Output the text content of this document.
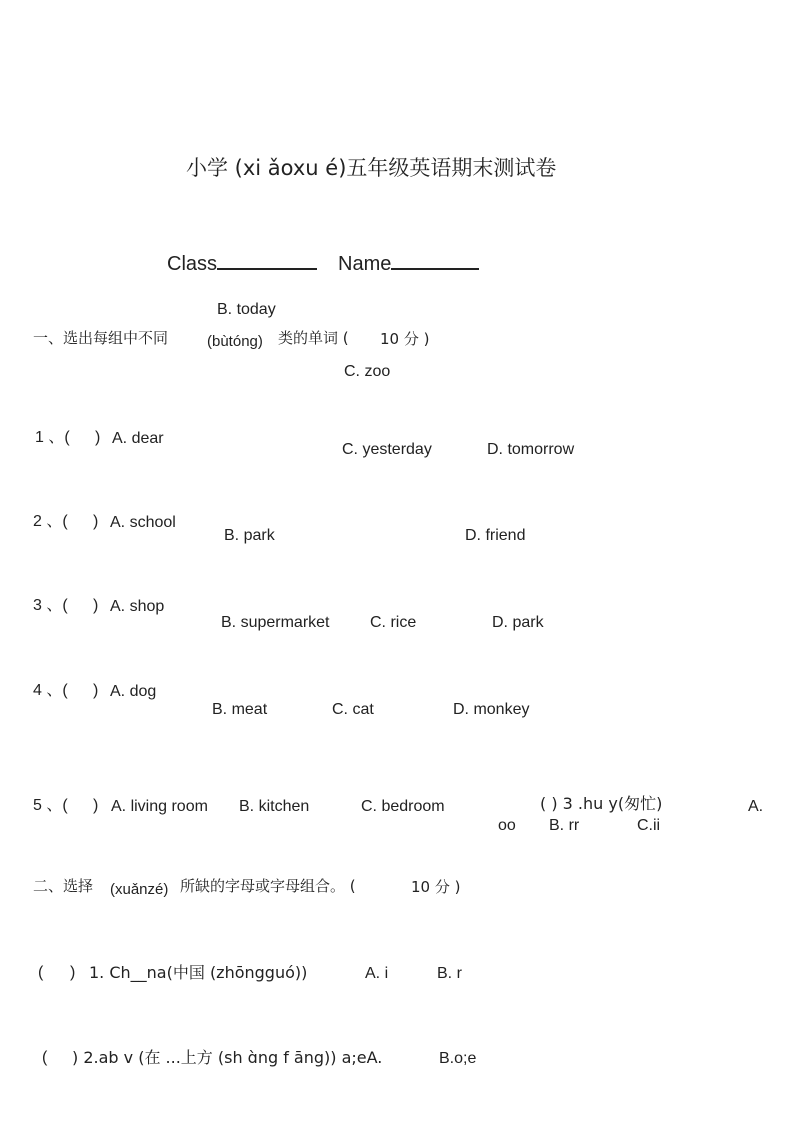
小学 (xi ǎoxu é)五年级英语期末测试卷
Class	Name
B. today
一、选出每组中不同	(bùtóng) 类的单词 ( 10 分 )
C. zoo
1 、( ) A. dear
C. yesterday	D. tomorrow
2 、( ) A. school
B. park	D. friend
3 、( ) A. shop
B. supermarket	C. rice	D. park
4 、( ) A. dog
B. meat	C. cat	D. monkey
5 、( ) A. living room B. kitchen	C. bedroom	( ) 3 .hu y(匆忙)	A.
oo B. rr	C.ii
二、选择 (xuǎnzé) 所缺的字母或字母组合。 (	10 分 )
( ) 1. Ch__na(中国 (zhōngguó))	A. i	B. r
( ) 2.ab v (在 ...上方 (sh ɑ̀ng f āng)) a;eA.	B.o;e
